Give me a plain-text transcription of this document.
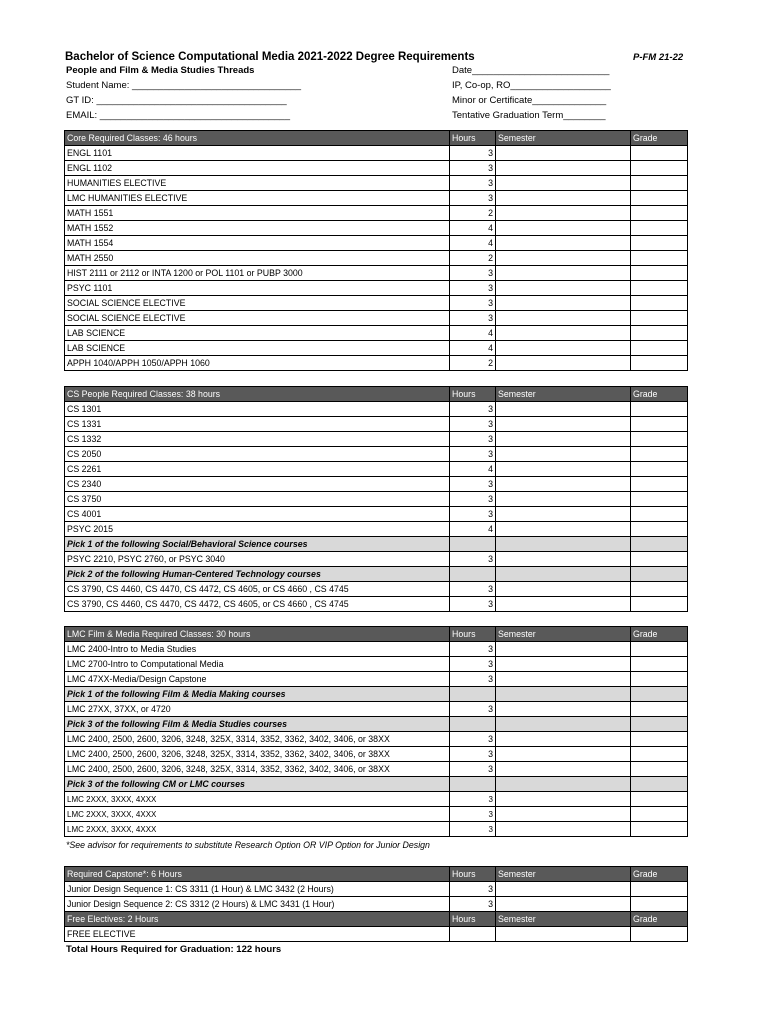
Bachelor of Science Computational Media 2021-2022 Degree Requirements	P-FM 21-22
People and Film & Media Studies Threads
Student Name: ________________________________
GT ID: ____________________________________
EMAIL: ____________________________________
Date__________________________
IP, Co-op, RO___________________
Minor or Certificate______________
Tentative Graduation Term________
Core Required Classes: 46 hours	Hours	Semester	Grade
ENGL 1101	3		
ENGL 1102	3		
HUMANITIES ELECTIVE	3		
LMC HUMANITIES ELECTIVE	3		
MATH 1551	2		
MATH 1552	4		
MATH 1554	4		
MATH 2550	2		
HIST 2111 or 2112 or INTA 1200 or POL 1101 or PUBP 3000	3		
PSYC 1101	3		
SOCIAL SCIENCE ELECTIVE	3		
SOCIAL SCIENCE ELECTIVE	3		
LAB SCIENCE	4		
LAB SCIENCE	4		
APPH 1040/APPH 1050/APPH 1060	2		
CS People Required Classes: 38 hours	Hours	Semester	Grade
CS 1301	3		
CS 1331	3		
CS 1332	3		
CS 2050	3		
CS 2261	4		
CS 2340	3		
CS 3750	3		
CS 4001	3		
PSYC 2015	4		
Pick 1 of the following Social/Behavioral Science courses			
PSYC 2210, PSYC 2760, or PSYC 3040	3		
Pick 2 of the following Human-Centered Technology courses			
CS 3790, CS 4460, CS 4470, CS 4472, CS 4605, or CS 4660 , CS 4745	3		
CS 3790, CS 4460, CS 4470, CS 4472, CS 4605, or CS 4660 , CS 4745	3		
LMC Film & Media Required Classes: 30 hours	Hours	Semester	Grade
LMC 2400-Intro to Media Studies	3		
LMC 2700-Intro to Computational Media	3		
LMC 47XX-Media/Design Capstone	3		
Pick 1 of the following Film & Media Making courses			
LMC 27XX, 37XX, or 4720	3		
Pick 3 of the following Film & Media Studies courses			
LMC 2400, 2500, 2600, 3206, 3248, 325X, 3314, 3352, 3362, 3402, 3406, or 38XX	3		
LMC 2400, 2500, 2600, 3206, 3248, 325X, 3314, 3352, 3362, 3402, 3406, or 38XX	3		
LMC 2400, 2500, 2600, 3206, 3248, 325X, 3314, 3352, 3362, 3402, 3406, or 38XX	3		
Pick 3 of the following CM or LMC courses			
LMC 2XXX, 3XXX, 4XXX	3		
LMC 2XXX, 3XXX, 4XXX	3		
LMC 2XXX, 3XXX, 4XXX	3		
*See advisor for requirements to substitute Research Option OR VIP Option for Junior Design
Required Capstone*: 6 Hours	Hours	Semester	Grade
Junior Design Sequence 1: CS 3311 (1 Hour) & LMC 3432 (2 Hours)	3		
Junior Design Sequence 2: CS 3312 (2 Hours) & LMC 3431 (1 Hour)	3		
Free Electives: 2 Hours	Hours	Semester	Grade
FREE ELECTIVE			
Total Hours Required for Graduation: 122 hours
